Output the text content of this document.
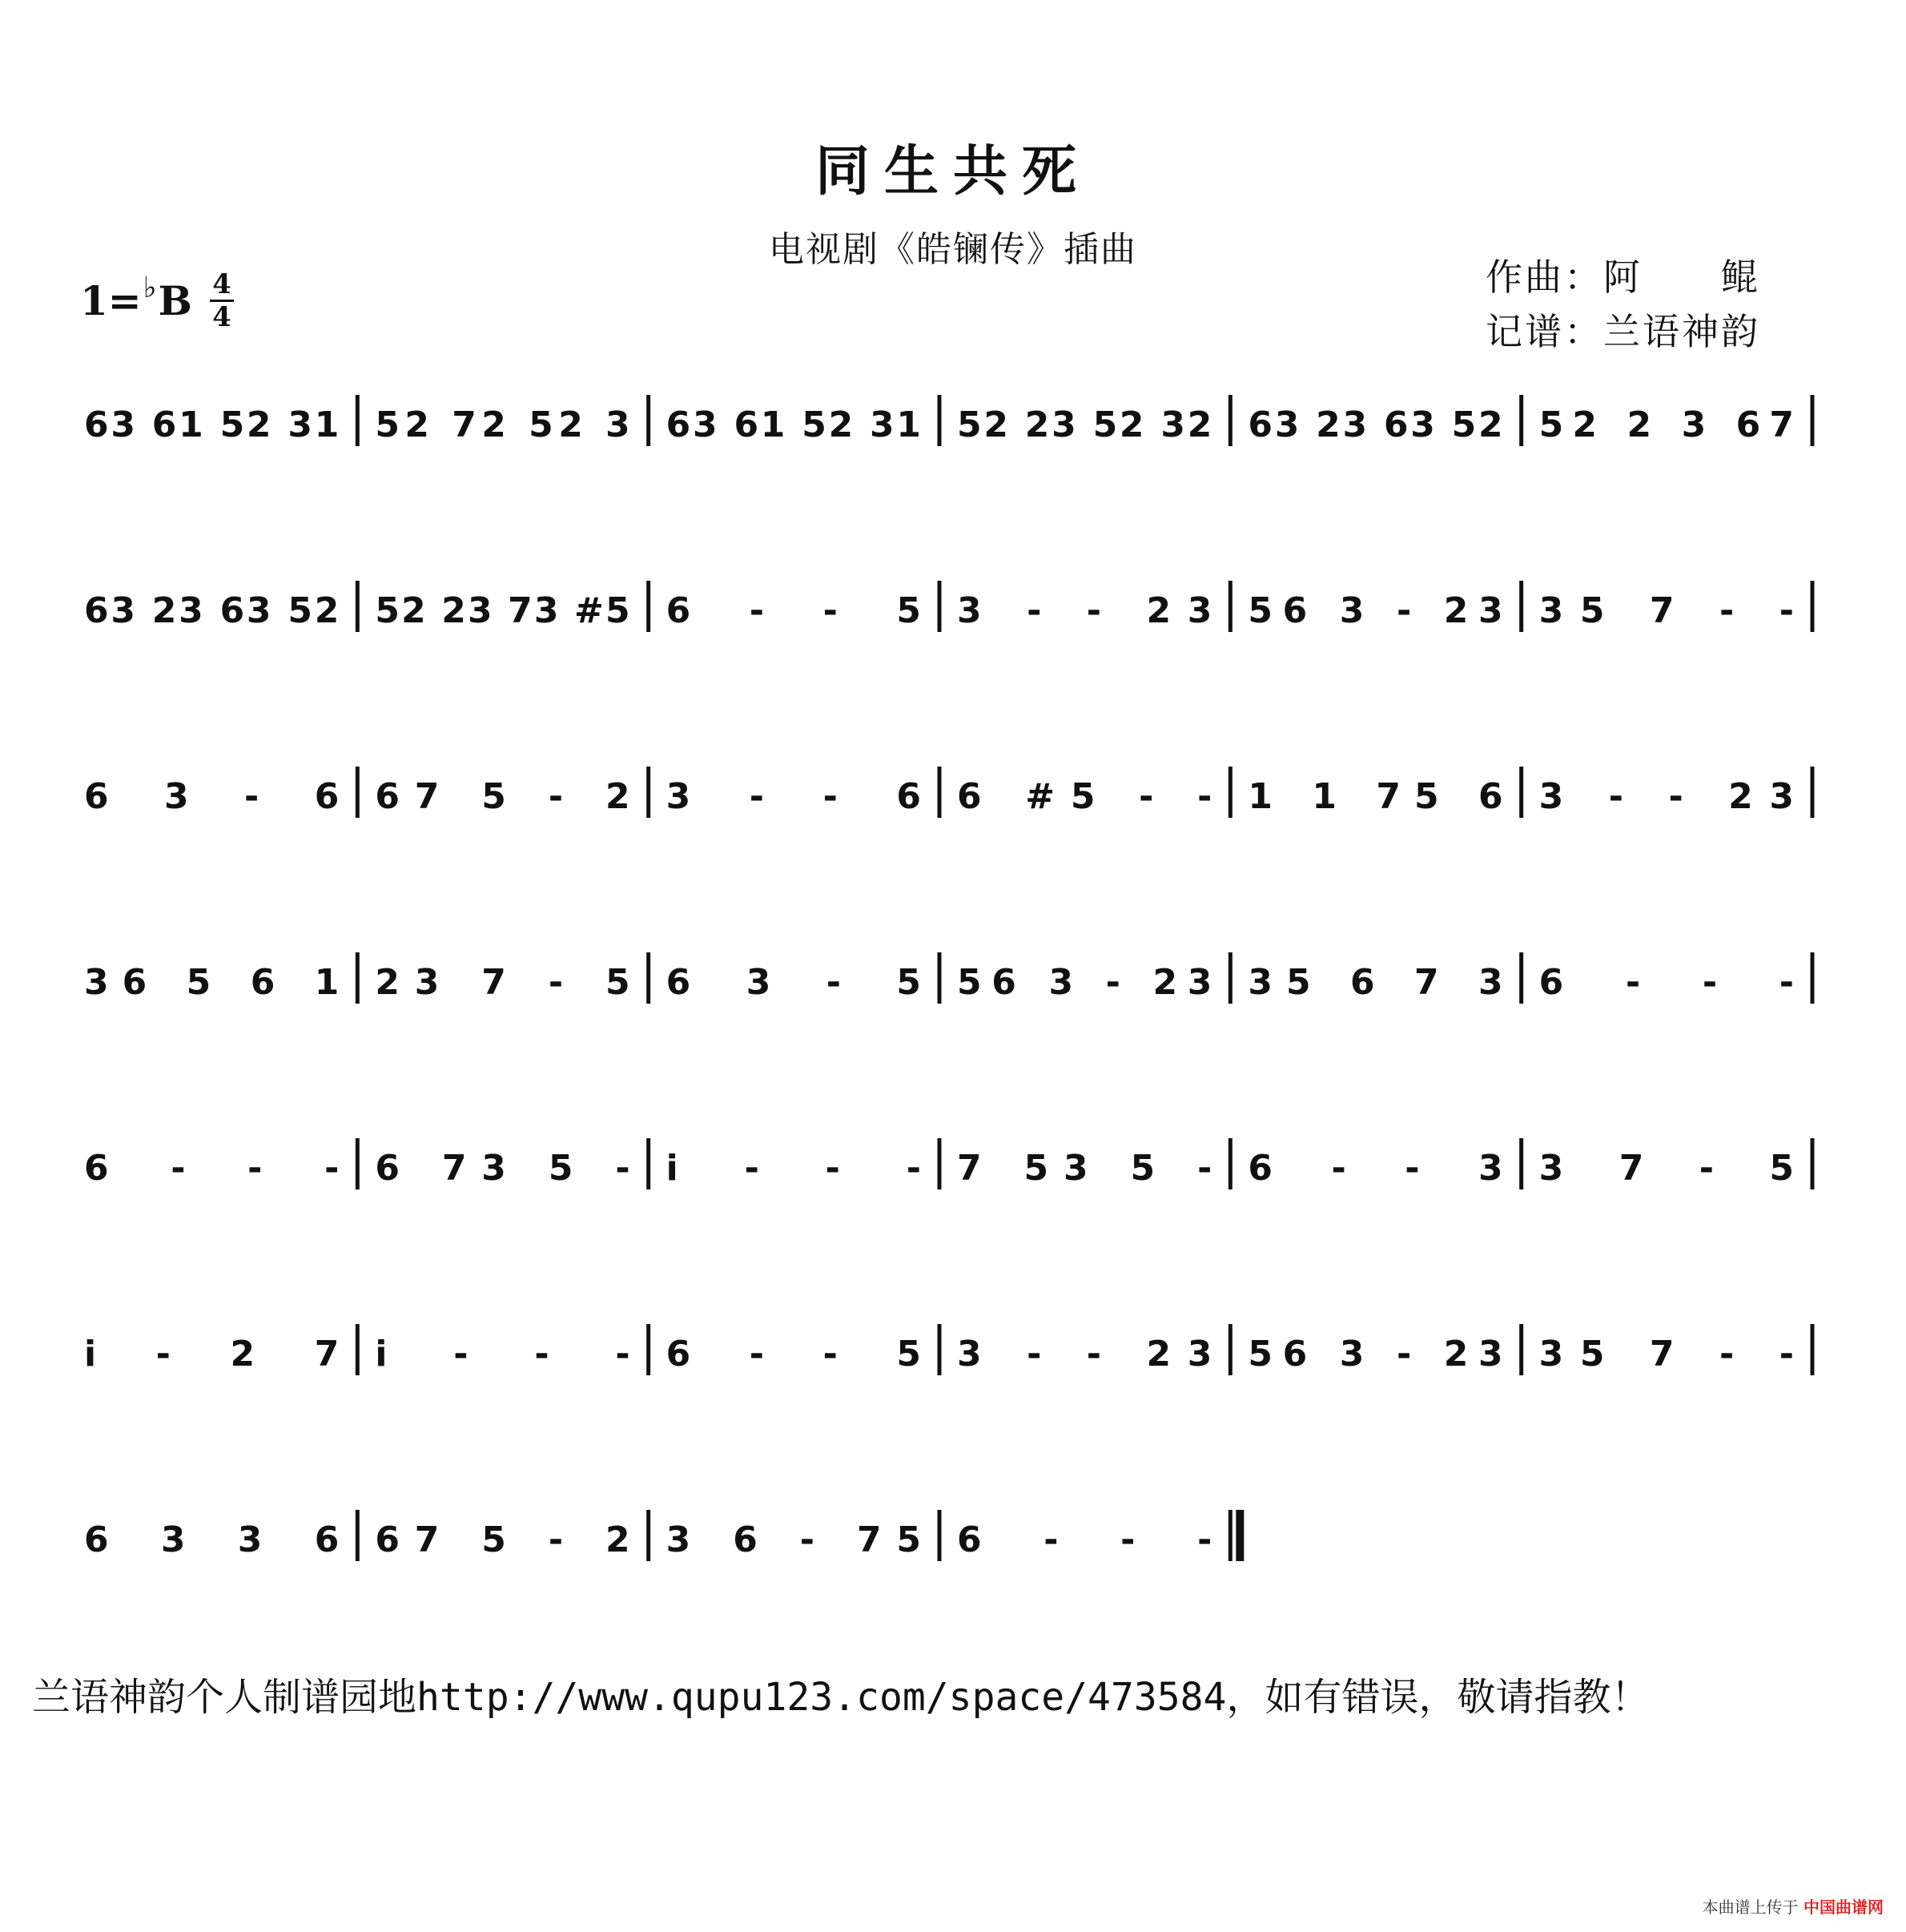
同生共死
电视剧《皓镧传》插曲
作曲：阿　　鲲
记谱：兰语神韵
1=♭B 4
4
63 61 52 31 52 72 52 3 63 61 52 31 52 23 52 32 63 23 63 52 52 2 3 67
63 23 63 52 52 23 73 #5 6 - - 5 3 - - 23 56 3 - 23 35 7 - -
6 3 - 6 67 5 - 2 3 - - 6 6 #5 - - 1 1 75 6 3 - - 23
36 5 6 1 23 7 - 5 6 3 - 5 56 3 - 23 35 6 7 3 6 - - -
6 - - - 6 73 5 - i - - - 7 53 5 - 6 - - 3 3 7 - 5
i - 2 7 i - - - 6 - - 5 3 - - 23 56 3 - 23 35 7 - -
6 3 3 6 67 5 - 2 3 6 - 75 6 - - -
兰语神韵个人制谱园地http://www.qupu123.com/space/473584，如有错误，敬请指教！
本曲谱上传于 中国曲谱网
